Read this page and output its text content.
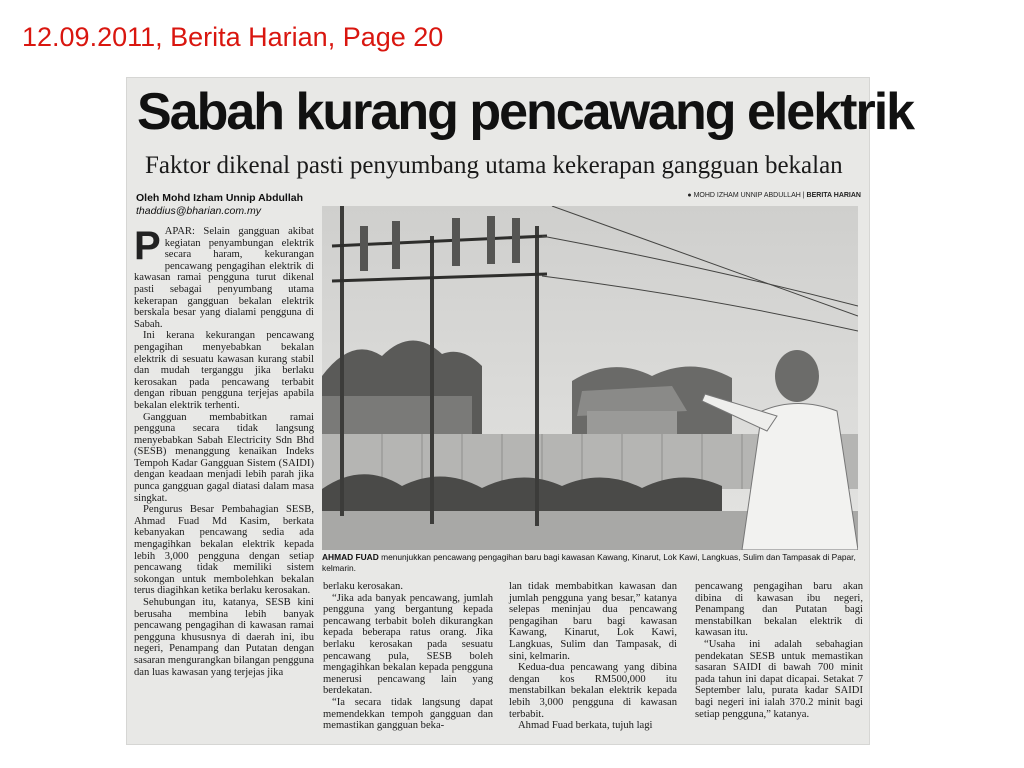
12.09.2011, Berita Harian, Page 20
Sabah kurang pencawang elektrik
Faktor dikenal pasti penyumbang utama kekerapan gangguan bekalan
Oleh Mohd Izham Unnip Abdullah
thaddius@bharian.com.my
● MOHD IZHAM UNNIP ABDULLAH | BERITA HARIAN

PAPAR: Selain gangguan akibat kegiatan penyambungan elektrik secara haram, kekurangan pencawang pengagihan elektrik di kawasan ramai pengguna turut dikenal pasti sebagai penyumbang utama kekerapan gangguan bekalan elektrik berskala besar yang dialami pengguna di Sabah.

Ini kerana kekurangan pencawang pengagihan menyebabkan bekalan elektrik di sesuatu kawasan kurang stabil dan mudah terganggu jika berlaku kerosakan pada pencawang terbabit dengan ribuan pengguna terjejas apabila bekalan elektrik terhenti.

Gangguan membabitkan ramai pengguna secara tidak langsung menyebabkan Sabah Electricity Sdn Bhd (SESB) menanggung kenaikan Indeks Tempoh Kadar Gangguan Sistem (SAIDI) dengan keadaan menjadi lebih parah jika punca gangguan gagal diatasi dalam masa singkat.

Pengurus Besar Pembahagian SESB, Ahmad Fuad Md Kasim, berkata kebanyakan pencawang sedia ada mengagihkan bekalan elektrik kepada lebih 3,000 pengguna dengan setiap pencawang tidak memiliki sistem sokongan untuk membolehkan bekalan terus diagihkan ketika berlaku kerosakan.

Sehubungan itu, katanya, SESB kini berusaha membina lebih banyak pencawang pengagihan di kawasan ramai pengguna khususnya di daerah ini, ibu negeri, Penampang dan Putatan dengan sasaran mengurangkan bilangan pengguna dan luas kawasan yang terjejas jika

AHMAD FUAD menunjukkan pencawang pengagihan baru bagi kawasan Kawang, Kinarut, Lok Kawi, Langkuas, Sulim dan Tampasak di Papar, kelmarin.

berlaku kerosakan.

“Jika ada banyak pencawang, jumlah pengguna yang bergantung kepada pencawang terbabit boleh dikurangkan kepada beberapa ratus orang. Jika berlaku kerosakan pada sesuatu pencawang pula, SESB boleh mengagihkan bekalan kepada pengguna menerusi pencawang lain yang berdekatan.

“Ia secara tidak langsung dapat memendekkan tempoh gangguan dan memastikan gangguan beka-

lan tidak membabitkan kawasan dan jumlah pengguna yang besar,” katanya selepas meninjau dua pencawang pengagihan baru bagi kawasan Kawang, Kinarut, Lok Kawi, Langkuas, Sulim dan Tampasak, di sini, kelmarin.

Kedua-dua pencawang yang dibina dengan kos RM500,000 itu menstabilkan bekalan elektrik kepada lebih 3,000 pengguna di kawasan terbabit.

Ahmad Fuad berkata, tujuh lagi

pencawang pengagihan baru akan dibina di kawasan ibu negeri, Penampang dan Putatan bagi menstabilkan bekalan elektrik di kawasan itu.

“Usaha ini adalah sebahagian pendekatan SESB untuk memastikan sasaran SAIDI di bawah 700 minit pada tahun ini dapat dicapai. Setakat 7 September lalu, purata kadar SAIDI bagi negeri ini ialah 370.2 minit bagi setiap pengguna,” katanya.
